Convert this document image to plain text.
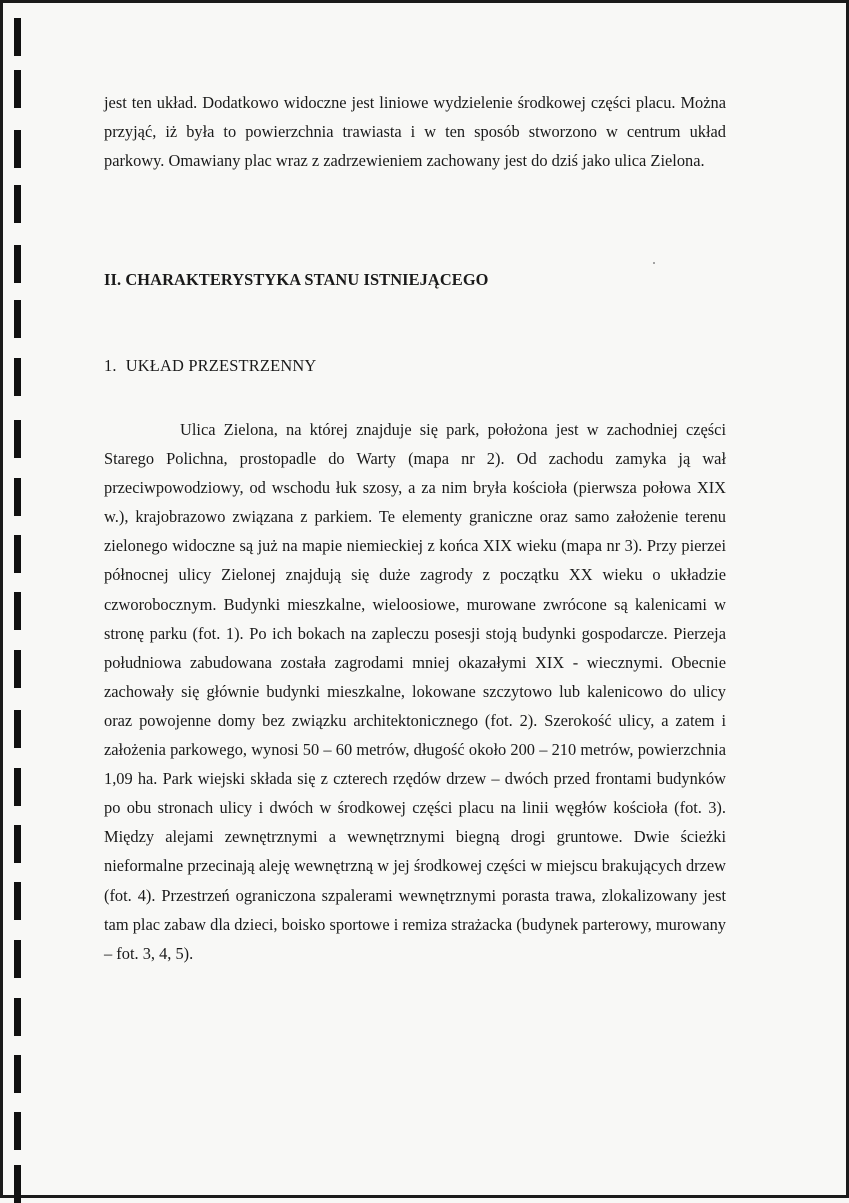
jest ten układ. Dodatkowo widoczne jest liniowe wydzielenie środkowej części placu. Można przyjąć, iż była to powierzchnia trawiasta i w ten sposób stworzono w centrum układ parkowy. Omawiany plac wraz z zadrzewieniem zachowany jest do dziś jako ulica Zielona.

II. CHARAKTERYSTYKA STANU ISTNIEJĄCEGO
1. UKŁAD PRZESTRZENNY

Ulica Zielona, na której znajduje się park, położona jest w zachodniej części Starego Polichna, prostopadle do Warty (mapa nr 2). Od zachodu zamyka ją wał przeciwpowodziowy, od wschodu łuk szosy, a za nim bryła kościoła (pierwsza połowa XIX w.), krajobrazowo związana z parkiem. Te elementy graniczne oraz samo założenie terenu zielonego widoczne są już na mapie niemieckiej z końca XIX wieku (mapa nr 3). Przy pierzei północnej ulicy Zielonej znajdują się duże zagrody z początku XX wieku o układzie czworobocznym. Budynki mieszkalne, wieloosiowe, murowane zwrócone są kalenicami w stronę parku (fot. 1). Po ich bokach na zapleczu posesji stoją budynki gospodarcze. Pierzeja południowa zabudowana została zagrodami mniej okazałymi XIX - wiecznymi. Obecnie zachowały się głównie budynki mieszkalne, lokowane szczytowo lub kalenicowo do ulicy oraz powojenne domy bez związku architektonicznego (fot. 2). Szerokość ulicy, a zatem i założenia parkowego, wynosi 50 – 60 metrów, długość około 200 – 210 metrów, powierzchnia 1,09 ha. Park wiejski składa się z czterech rzędów drzew – dwóch przed frontami budynków po obu stronach ulicy i dwóch w środkowej części placu na linii węgłów kościoła (fot. 3). Między alejami zewnętrznymi a wewnętrznymi biegną drogi gruntowe. Dwie ścieżki nieformalne przecinają aleję wewnętrzną w jej środkowej części w miejscu brakujących drzew (fot. 4). Przestrzeń ograniczona szpalerami wewnętrznymi porasta trawa, zlokalizowany jest tam plac zabaw dla dzieci, boisko sportowe i remiza strażacka (budynek parterowy, murowany – fot. 3, 4, 5).
